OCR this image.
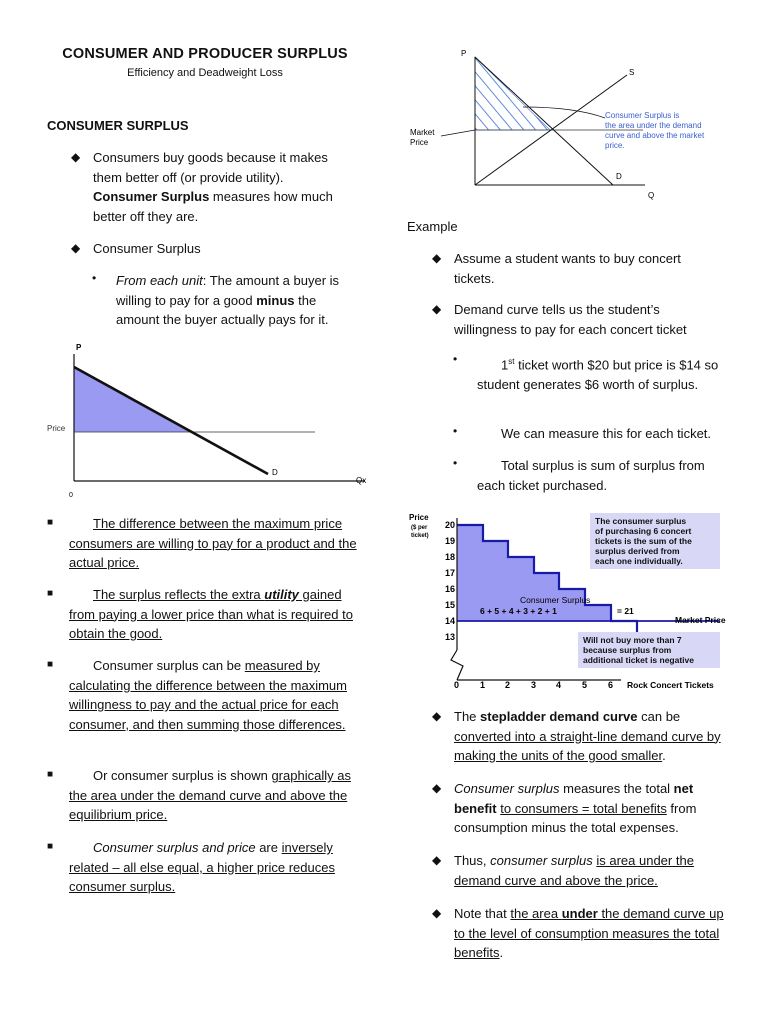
CONSUMER AND PRODUCER SURPLUS
Efficiency and Deadweight Loss
CONSUMER SURPLUS
◆ Consumers buy goods because it makes them better off (or provide utility). Consumer Surplus measures how much better off they are.
◆ Consumer Surplus
• From each unit: The amount a buyer is willing to pay for a good minus the amount the buyer actually pays for it.
P
Price
D
Qx
0
■	The difference between the maximum price consumers are willing to pay for a product and the actual price.
■	The surplus reflects the extra utility gained from paying a lower price than what is required to obtain the good.
■	Consumer surplus can be measured by calculating the difference between the maximum willingness to pay and the actual price for each consumer, and then summing those differences.
■	Or consumer surplus is shown graphically as the area under the demand curve and above the equilibrium price.
■	Consumer surplus and price are inversely related – all else equal, a higher price reduces consumer surplus.
P
S
D
Q
Market Price
Consumer Surplus is the area under the demand curve and above the market price.
Example
◆ Assume a student wants to buy concert tickets.
◆ Demand curve tells us the student’s willingness to pay for each concert ticket
•	1st ticket worth $20 but price is $14 so student generates $6 worth of surplus.
•	We can measure this for each ticket.
•	Total surplus is sum of surplus from each ticket purchased.
Price ($ per ticket)
20
19
18
17
16
15
14
13
0 1 2 3 4 5 6 Rock Concert Tickets
Consumer Surplus
6 + 5 + 4 + 3 + 2 + 1	= 21
Market Price
The consumer surplus
of purchasing 6 concert
tickets is the sum of the
surplus derived from
each one individually.
Will not buy more than 7
because surplus from
additional ticket is negative
◆ The stepladder demand curve can be converted into a straight-line demand curve by making the units of the good smaller.
◆ Consumer surplus measures the total net benefit to consumers = total benefits from consumption minus the total expenses.
◆ Thus, consumer surplus is area under the demand curve and above the price.
◆ Note that the area under the demand curve up to the level of consumption measures the total benefits.
